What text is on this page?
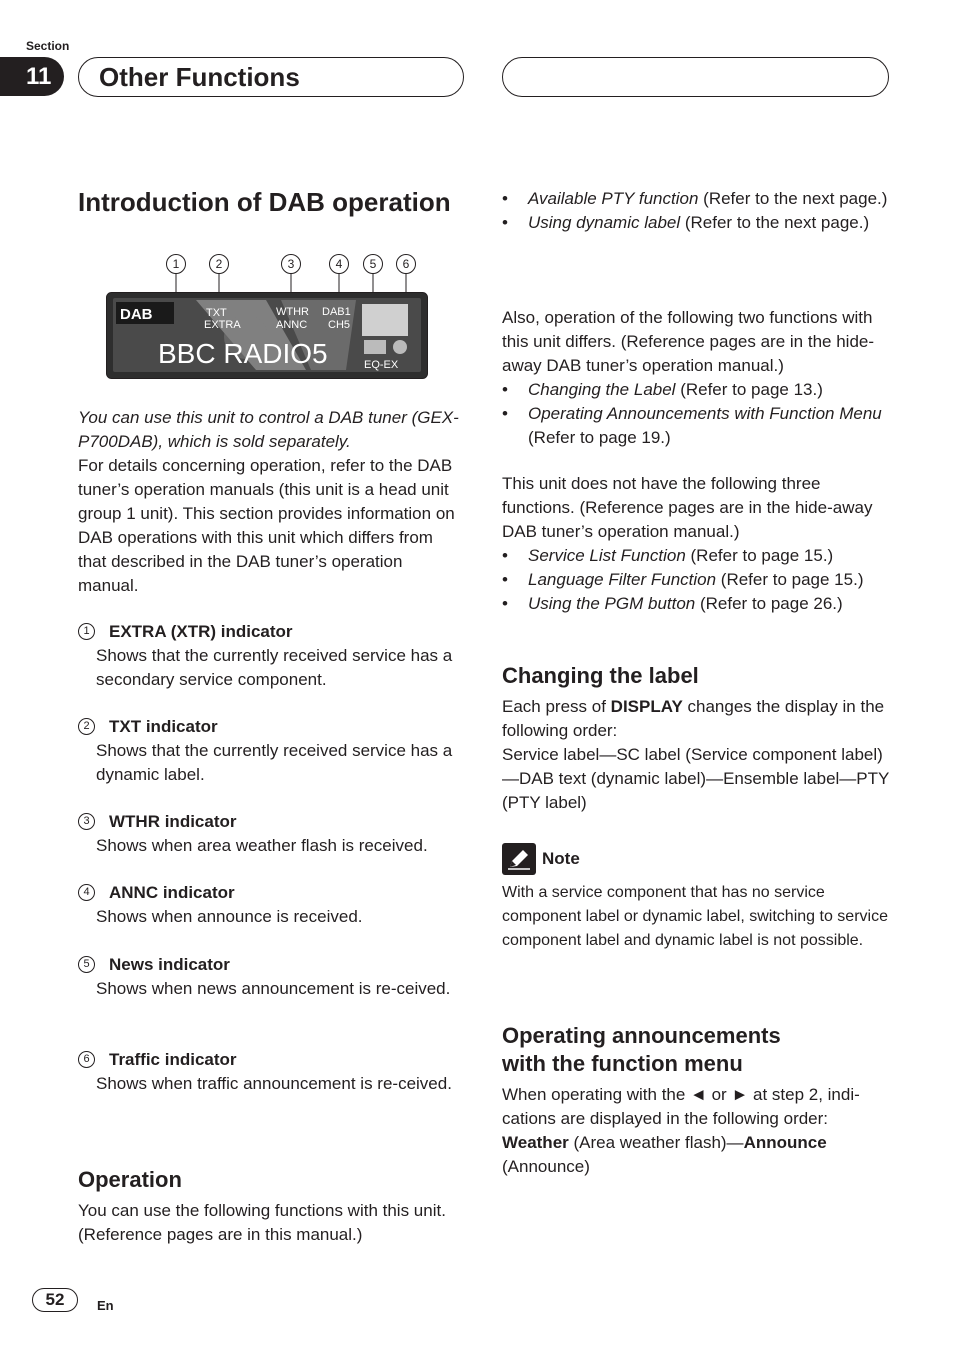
Section
11	Other Functions
Introduction of DAB operation
1	2	3	4	5	6
DAB	TXT
EXTRA
WTHR
ANNC
DAB1
CH5
BBC RADIO5	EQ-EX
You can use this unit to control a DAB tuner (GEX-P700DAB), which is sold separately.
For details concerning operation, refer to the DAB tuner’s operation manuals (this unit is a head unit group 1 unit). This section provides information on DAB operations with this unit which differs from that described in the DAB tuner’s operation manual.
1	EXTRA (XTR) indicator
Shows that the currently received service has a secondary service component.
2	TXT indicator
Shows that the currently received service has a dynamic label.
3	WTHR indicator
Shows when area weather flash is received.
4	ANNC indicator
Shows when announce is received.
5	News indicator
Shows when news announcement is re-ceived.
6	Traffic indicator
Shows when traffic announcement is re-ceived.
Operation
You can use the following functions with this unit. (Reference pages are in this manual.)
• Available PTY function (Refer to the next page.)
• Using dynamic label (Refer to the next page.)
Also, operation of the following two functions with this unit differs. (Reference pages are in the hide-away DAB tuner’s operation manual.)
• Changing the Label (Refer to page 13.)
• Operating Announcements with Function Menu (Refer to page 19.)
This unit does not have the following three functions. (Reference pages are in the hide-away DAB tuner’s operation manual.)
• Service List Function (Refer to page 15.)
• Language Filter Function (Refer to page 15.)
• Using the PGM button (Refer to page 26.)
Changing the label
Each press of DISPLAY changes the display in the following order:
Service label—SC label (Service component label)—DAB text (dynamic label)—Ensemble label—PTY (PTY label)
Note
With a service component that has no service component label or dynamic label, switching to service component label and dynamic label is not possible.
Operating announcements
with the function menu
When operating with the ◄ or ► at step 2, indi-cations are displayed in the following order:
Weather (Area weather flash)—Announce
(Announce)
52	En
